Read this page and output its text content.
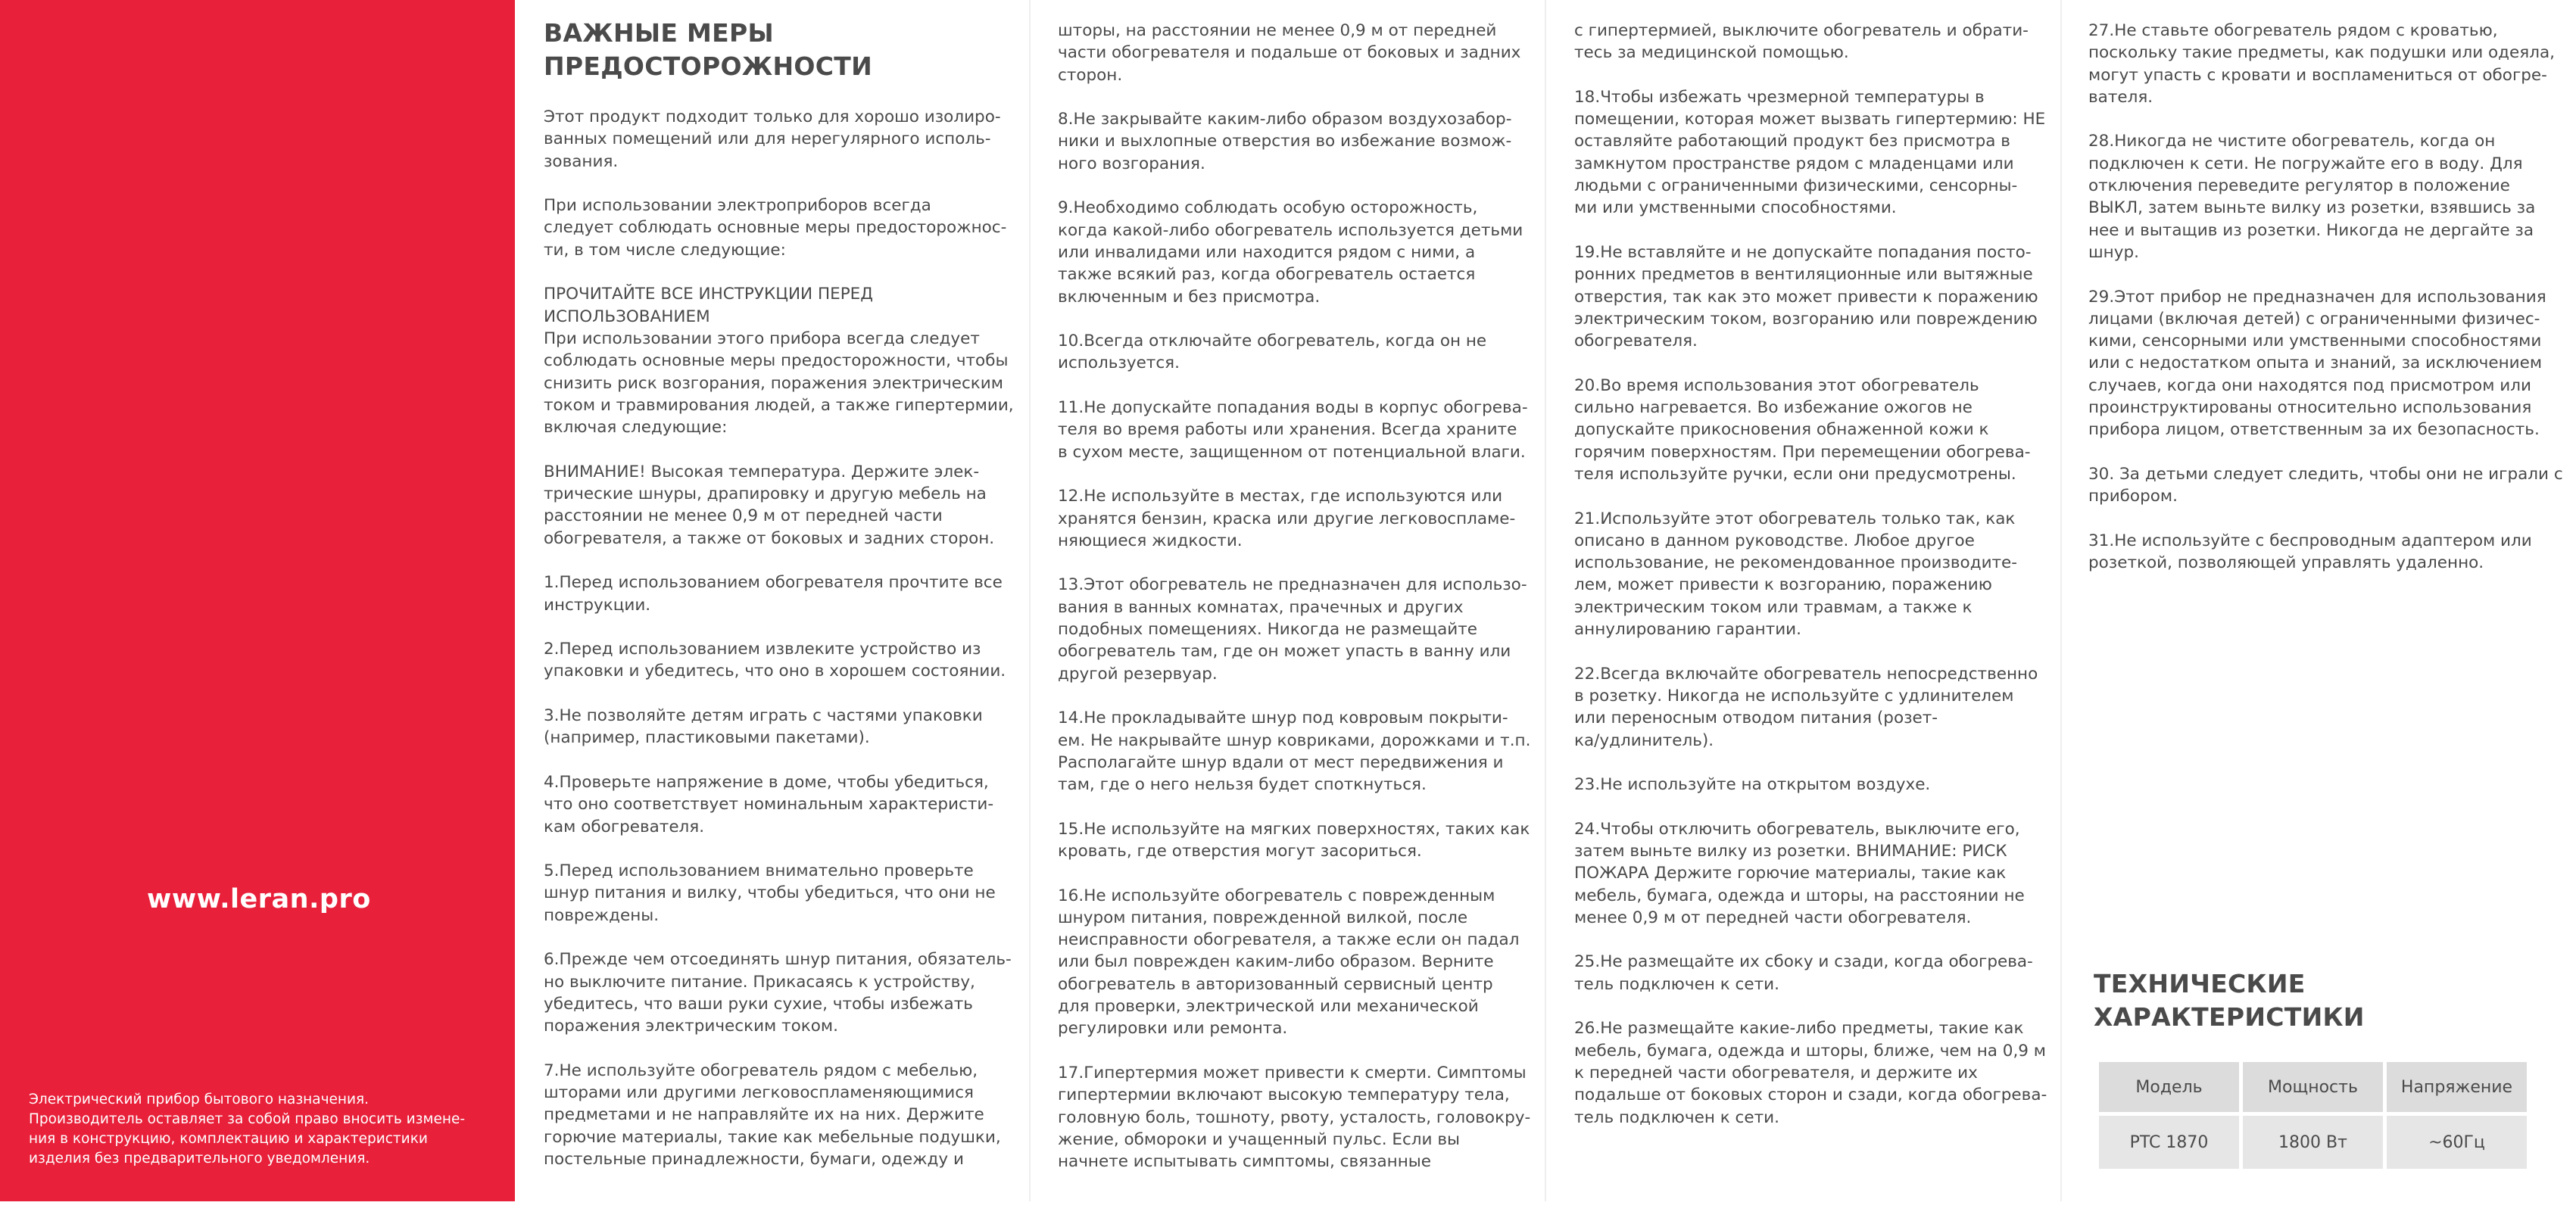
www.leran.pro
Электрический прибор бытового назначения.
Производитель оставляет за собой право вносить измене-
ния в конструкцию, комплектацию и характеристики
изделия без предварительного уведомления.
ВАЖНЫЕ МЕРЫ
ПРЕДОСТОРОЖНОСТИ
Этот продукт подходит только для хорошо изолиро-
ванных помещений или для нерегулярного исполь-
зования.
При использовании электроприборов всегда
следует соблюдать основные меры предосторожнос-
ти, в том числе следующие:
ПРОЧИТАЙТЕ ВСЕ ИНСТРУКЦИИ ПЕРЕД
ИСПОЛЬЗОВАНИЕМ
При использовании этого прибора всегда следует
соблюдать основные меры предосторожности, чтобы
снизить риск возгорания, поражения электрическим
током и травмирования людей, а также гипертермии,
включая следующие:
ВНИМАНИЕ! Высокая температура. Держите элек-
трические шнуры, драпировку и другую мебель на
расстоянии не менее 0,9 м от передней части
обогревателя, а также от боковых и задних сторон.
1.Перед использованием обогревателя прочтите все
инструкции.
2.Перед использованием извлеките устройство из
упаковки и убедитесь, что оно в хорошем состоянии.
3.Не позволяйте детям играть с частями упаковки
(например, пластиковыми пакетами).
4.Проверьте напряжение в доме, чтобы убедиться,
что оно соответствует номинальным характеристи-
кам обогревателя.
5.Перед использованием внимательно проверьте
шнур питания и вилку, чтобы убедиться, что они не
повреждены.
6.Прежде чем отсоединять шнур питания, обязатель-
но выключите питание. Прикасаясь к устройству,
убедитесь, что ваши руки сухие, чтобы избежать
поражения электрическим током.
7.Не используйте обогреватель рядом с мебелью,
шторами или другими легковоспламеняющимися
предметами и не направляйте их на них. Держите
горючие материалы, такие как мебельные подушки,
постельные принадлежности, бумаги, одежду и
шторы, на расстоянии не менее 0,9 м от передней
части обогревателя и подальше от боковых и задних
сторон.
8.Не закрывайте каким-либо образом воздухозабор-
ники и выхлопные отверстия во избежание возмож-
ного возгорания.
9.Необходимо соблюдать особую осторожность,
когда какой-либо обогреватель используется детьми
или инвалидами или находится рядом с ними, а
также всякий раз, когда обогреватель остается
включенным и без присмотра.
10.Всегда отключайте обогреватель, когда он не
используется.
11.Не допускайте попадания воды в корпус обогрева-
теля во время работы или хранения. Всегда храните
в сухом месте, защищенном от потенциальной влаги.
12.Не используйте в местах, где используются или
хранятся бензин, краска или другие легковоспламе-
няющиеся жидкости.
13.Этот обогреватель не предназначен для использо-
вания в ванных комнатах, прачечных и других
подобных помещениях. Никогда не размещайте
обогреватель там, где он может упасть в ванну или
другой резервуар.
14.Не прокладывайте шнур под ковровым покрыти-
ем. Не накрывайте шнур ковриками, дорожками и т.п.
Располагайте шнур вдали от мест передвижения и
там, где о него нельзя будет споткнуться.
15.Не используйте на мягких поверхностях, таких как
кровать, где отверстия могут засориться.
16.Не используйте обогреватель с поврежденным
шнуром питания, поврежденной вилкой, после
неисправности обогревателя, а также если он падал
или был поврежден каким-либо образом. Верните
обогреватель в авторизованный сервисный центр
для проверки, электрической или механической
регулировки или ремонта.
17.Гипертермия может привести к смерти. Симптомы
гипертермии включают высокую температуру тела,
головную боль, тошноту, рвоту, усталость, головокру-
жение, обмороки и учащенный пульс. Если вы
начнете испытывать симптомы, связанные
с гипертермией, выключите обогреватель и обрати-
тесь за медицинской помощью.
18.Чтобы избежать чрезмерной температуры в
помещении, которая может вызвать гипертермию: НЕ
оставляйте работающий продукт без присмотра в
замкнутом пространстве рядом с младенцами или
людьми с ограниченными физическими, сенсорны-
ми или умственными способностями.
19.Не вставляйте и не допускайте попадания посто-
ронних предметов в вентиляционные или вытяжные
отверстия, так как это может привести к поражению
электрическим током, возгоранию или повреждению
обогревателя.
20.Во время использования этот обогреватель
сильно нагревается. Во избежание ожогов не
допускайте прикосновения обнаженной кожи к
горячим поверхностям. При перемещении обогрева-
теля используйте ручки, если они предусмотрены.
21.Используйте этот обогреватель только так, как
описано в данном руководстве. Любое другое
использование, не рекомендованное производите-
лем, может привести к возгоранию, поражению
электрическим током или травмам, а также к
аннулированию гарантии.
22.Всегда включайте обогреватель непосредственно
в розетку. Никогда не используйте с удлинителем
или переносным отводом питания (розет-
ка/удлинитель).
23.Не используйте на открытом воздухе.
24.Чтобы отключить обогреватель, выключите его,
затем выньте вилку из розетки. ВНИМАНИЕ: РИСК
ПОЖАРА Держите горючие материалы, такие как
мебель, бумага, одежда и шторы, на расстоянии не
менее 0,9 м от передней части обогревателя.
25.Не размещайте их сбоку и сзади, когда обогрева-
тель подключен к сети.
26.Не размещайте какие-либо предметы, такие как
мебель, бумага, одежда и шторы, ближе, чем на 0,9 м
к передней части обогревателя, и держите их
подальше от боковых сторон и сзади, когда обогрева-
тель подключен к сети.
27.Не ставьте обогреватель рядом с кроватью,
поскольку такие предметы, как подушки или одеяла,
могут упасть с кровати и воспламениться от обогре-
вателя.
28.Никогда не чистите обогреватель, когда он
подключен к сети. Не погружайте его в воду. Для
отключения переведите регулятор в положение
ВЫКЛ, затем выньте вилку из розетки, взявшись за
нее и вытащив из розетки. Никогда не дергайте за
шнур.
29.Этот прибор не предназначен для использования
лицами (включая детей) с ограниченными физичес-
кими, сенсорными или умственными способностями
или с недостатком опыта и знаний, за исключением
случаев, когда они находятся под присмотром или
проинструктированы относительно использования
прибора лицом, ответственным за их безопасность.
30. За детьми следует следить, чтобы они не играли с
прибором.
31.Не используйте с беспроводным адаптером или
розеткой, позволяющей управлять удаленно.
ТЕХНИЧЕСКИЕ
ХАРАКТЕРИСТИКИ
Модель	Мощность	Напряжение
PTC 1870	1800 Вт	~60Гц
